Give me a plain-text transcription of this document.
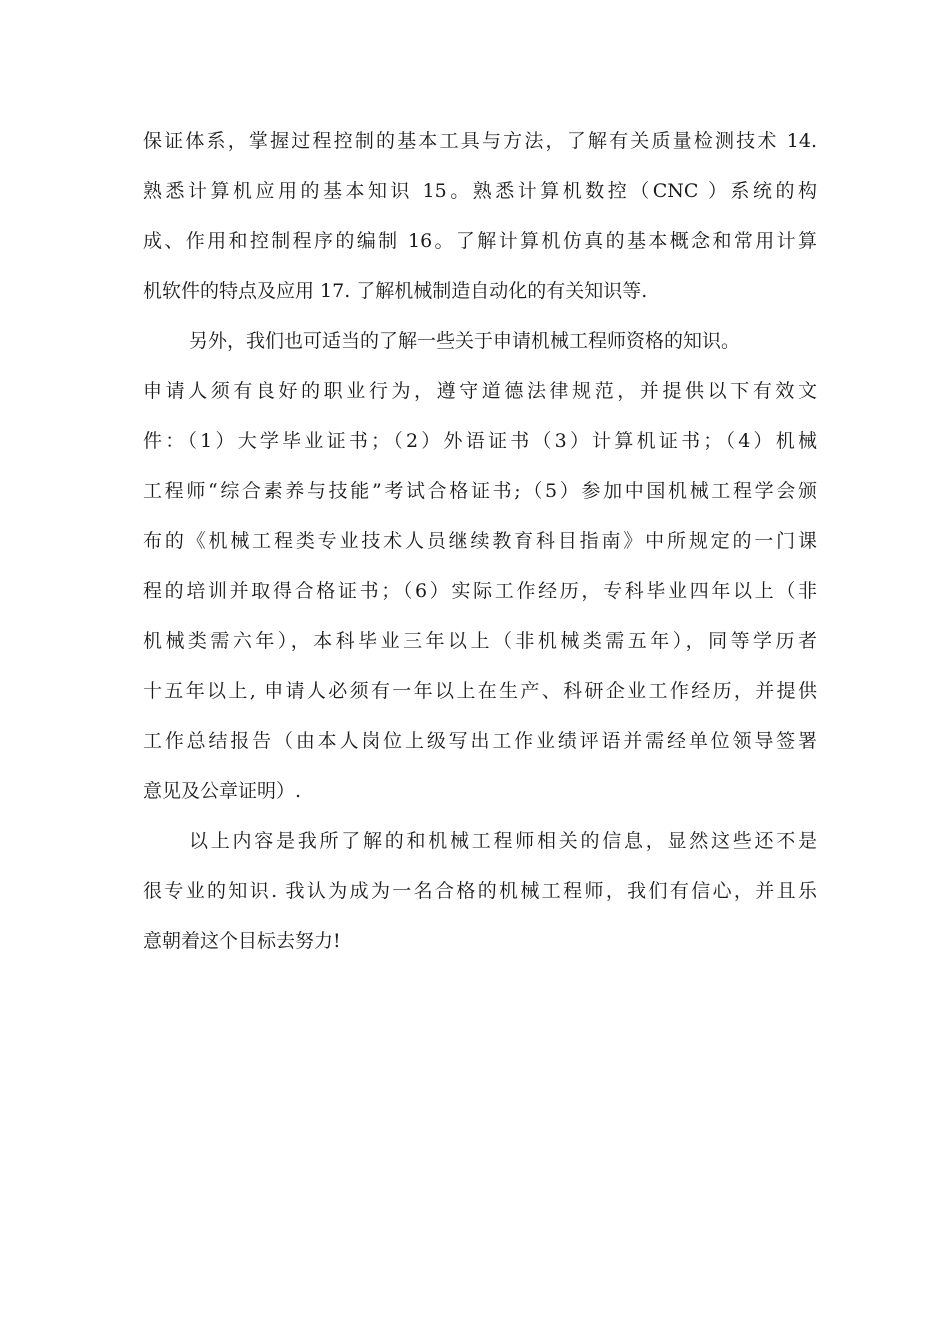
保证体系，掌握过程控制的基本工具与方法，了解有关质量检测技术 14.
熟悉计算机应用的基本知识 15。熟悉计算机数控（CNC ）系统的构
成、作用和控制程序的编制 16。了解计算机仿真的基本概念和常用计算
机软件的特点及应用 17. 了解机械制造自动化的有关知识等.
另外，我们也可适当的了解一些关于申请机械工程师资格的知识。
申请人须有良好的职业行为，遵守道德法律规范，并提供以下有效文
件：（1）大学毕业证书；（2）外语证书（3）计算机证书；（4）机械
工程师“综合素养与技能”考试合格证书;（5）参加中国机械工程学会颁
布的《机械工程类专业技术人员继续教育科目指南》中所规定的一门课
程的培训并取得合格证书；（6）实际工作经历，专科毕业四年以上（非
机械类需六年），本科毕业三年以上（非机械类需五年），同等学历者
十五年以上, 申请人必须有一年以上在生产、科研企业工作经历，并提供
工作总结报告（由本人岗位上级写出工作业绩评语并需经单位领导签署
意见及公章证明）.
以上内容是我所了解的和机械工程师相关的信息，显然这些还不是
很专业的知识. 我认为成为一名合格的机械工程师，我们有信心，并且乐
意朝着这个目标去努力!
